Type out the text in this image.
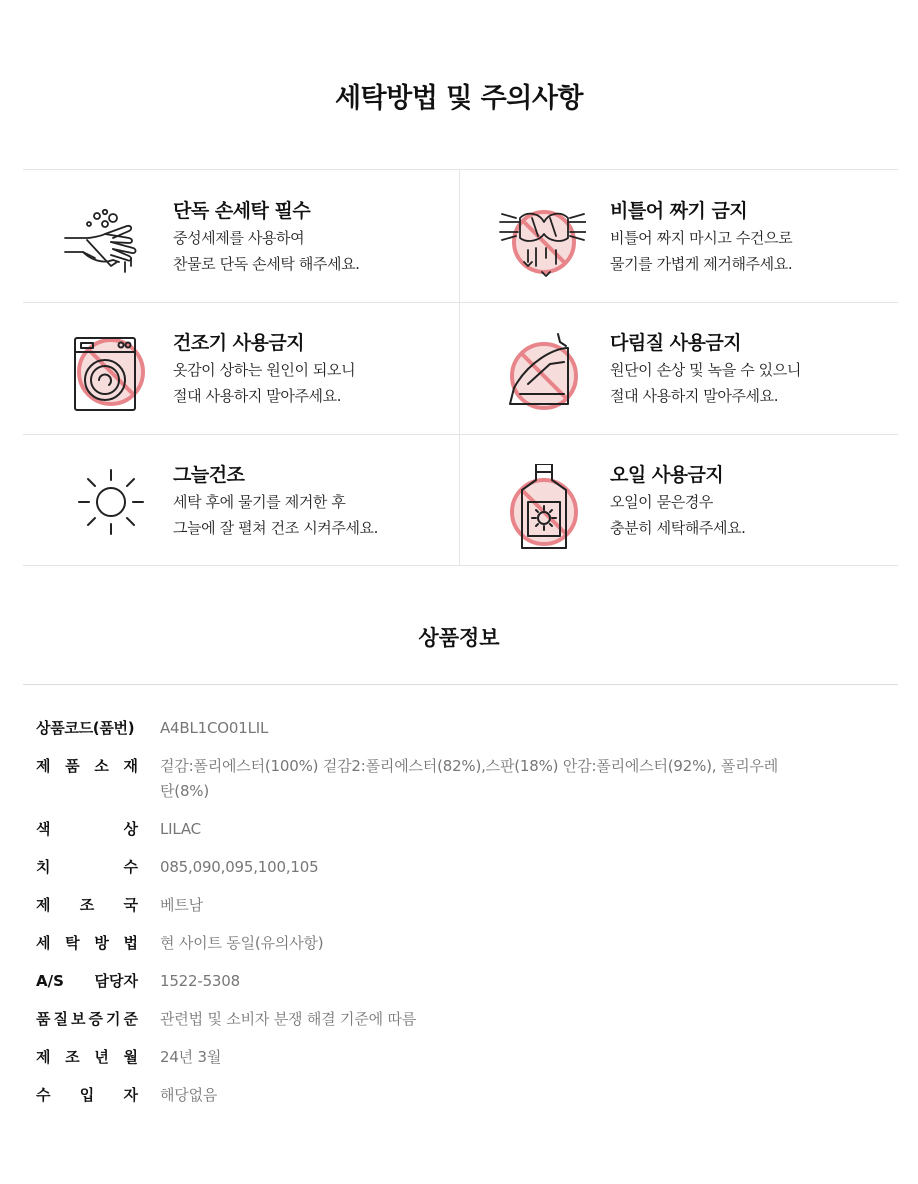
세탁방법 및 주의사항
단독 손세탁 필수
중성세제를 사용하여
찬물로 단독 손세탁 해주세요.
비틀어 짜기 금지
비틀어 짜지 마시고 수건으로
물기를 가볍게 제거해주세요.
건조기 사용금지
옷감이 상하는 원인이 되오니
절대 사용하지 말아주세요.
다림질 사용금지
원단이 손상 및 녹을 수 있으니
절대 사용하지 말아주세요.
그늘건조
세탁 후에 물기를 제거한 후
그늘에 잘 펼쳐 건조 시켜주세요.
오일 사용금지
오일이 묻은경우
충분히 세탁해주세요.
상품정보
상품코드(품번) A4BL1CO01LIL
제 품 소 재 겉감:폴리에스터(100%) 겉감2:폴리에스터(82%),스판(18%) 안감:폴리에스터(92%), 폴리우레탄(8%)
색	상 LILAC
치	수 085,090,095,100,105
제 조 국 베트남
세 탁 방 법 현 사이트 동일(유의사항)
A/S 담당자 1522-5308
품 질 보 증 기 준 관련법 및 소비자 분쟁 해결 기준에 따름
제 조 년 월 24년 3월
수 입 자 해당없음
